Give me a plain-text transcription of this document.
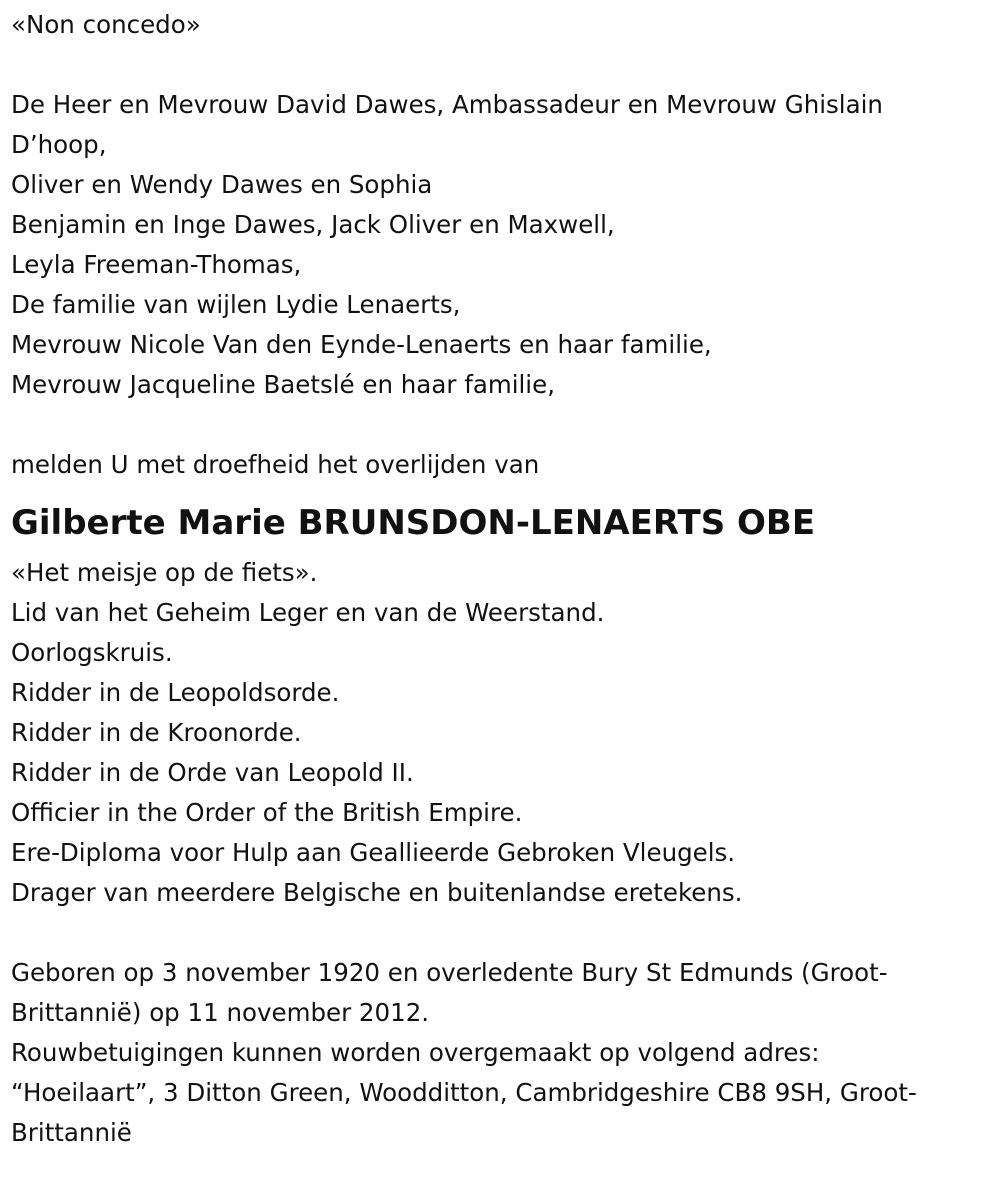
«Non concedo»
De Heer en Mevrouw David Dawes, Ambassadeur en Mevrouw Ghislain
D’hoop,
Oliver en Wendy Dawes en Sophia
Benjamin en Inge Dawes, Jack Oliver en Maxwell,
Leyla Freeman-Thomas,
De familie van wijlen Lydie Lenaerts,
Mevrouw Nicole Van den Eynde-Lenaerts en haar familie,
Mevrouw Jacqueline Baetslé en haar familie,
melden U met droefheid het overlijden van
Gilberte Marie BRUNSDON-LENAERTS OBE
«Het meisje op de fiets».
Lid van het Geheim Leger en van de Weerstand.
Oorlogskruis.
Ridder in de Leopoldsorde.
Ridder in de Kroonorde.
Ridder in de Orde van Leopold II.
Officier in the Order of the British Empire.
Ere-Diploma voor Hulp aan Geallieerde Gebroken Vleugels.
Drager van meerdere Belgische en buitenlandse eretekens.
Geboren op 3 november 1920 en overledente Bury St Edmunds (Groot-
Brittannië) op 11 november 2012.
Rouwbetuigingen kunnen worden overgemaakt op volgend adres:
“Hoeilaart”, 3 Ditton Green, Woodditton, Cambridgeshire CB8 9SH, Groot-
Brittannië
